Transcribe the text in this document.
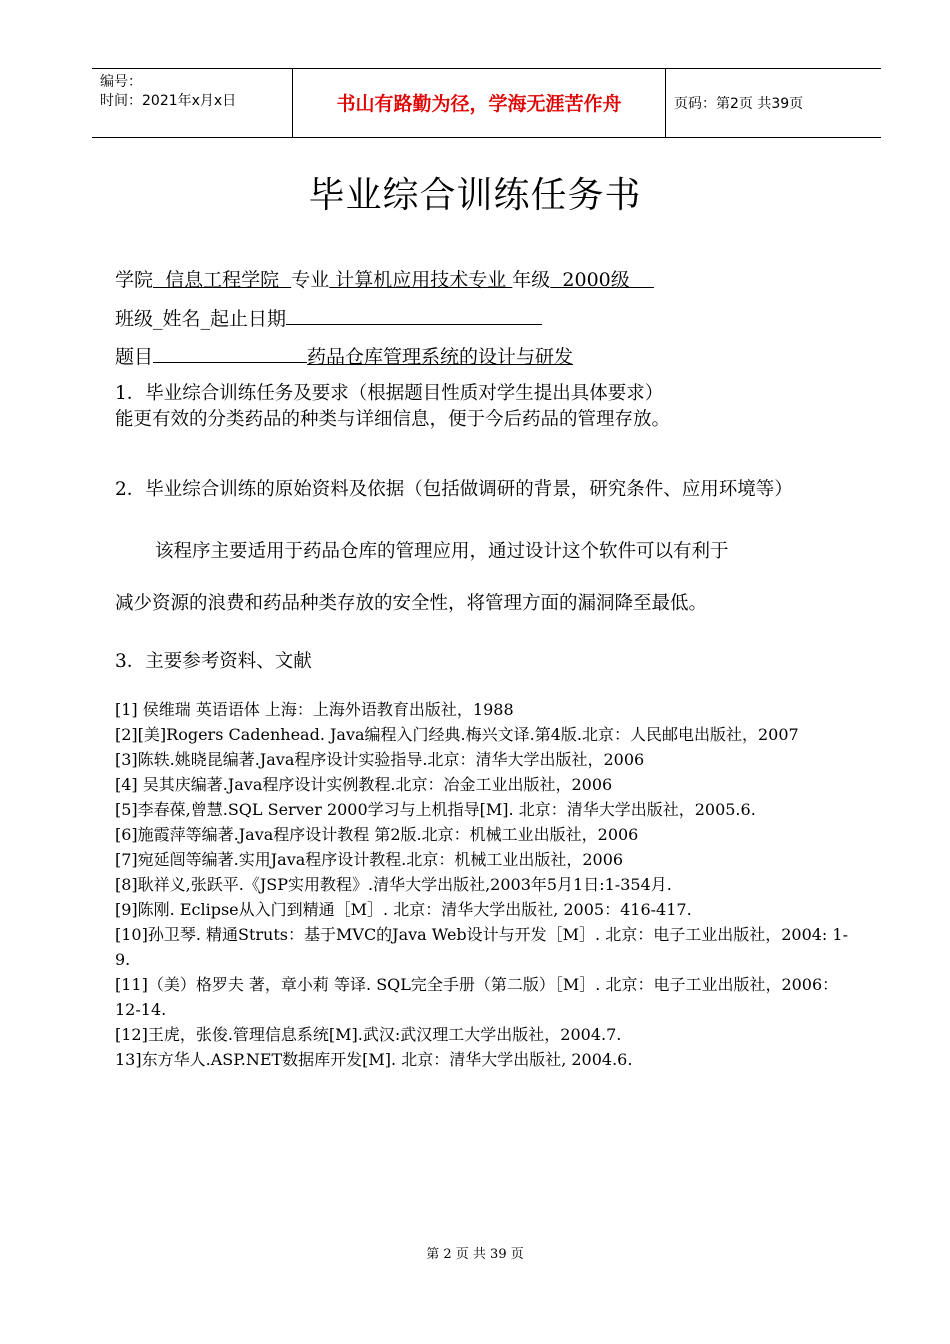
编号：
时间：2021年x月x日	书山有路勤为径，学海无涯苦作舟	页码：第2页 共39页
毕业综合训练任务书
学院  信息工程学院  专业 计算机应用技术专业 年级  2000级
班级_姓名_起止日期
题目	药品仓库管理系统的设计与研发
1．毕业综合训练任务及要求（根据题目性质对学生提出具体要求）
能更有效的分类药品的种类与详细信息，便于今后药品的管理存放。
2．毕业综合训练的原始资料及依据（包括做调研的背景，研究条件、应用环境等）
该程序主要适用于药品仓库的管理应用，通过设计这个软件可以有利于
减少资源的浪费和药品种类存放的安全性，将管理方面的漏洞降至最低。
3．主要参考资料、文献
[1] 侯维瑞 英语语体 上海：上海外语教育出版社，1988
[2][美]Rogers Cadenhead. Java编程入门经典.梅兴文译.第4版.北京：人民邮电出版社，2007
[3]陈轶.姚晓昆编著.Java程序设计实验指导.北京：清华大学出版社，2006
[4] 吴其庆编著.Java程序设计实例教程.北京：冶金工业出版社，2006
[5]李春葆,曾慧.SQL Server 2000学习与上机指导[M]. 北京：清华大学出版社，2005.6.
[6]施霞萍等编著.Java程序设计教程 第2版.北京：机械工业出版社，2006
[7]宛延闿等编著.实用Java程序设计教程.北京：机械工业出版社，2006
[8]耿祥义,张跃平.《JSP实用教程》.清华大学出版社,2003年5月1日:1-354月.
[9]陈刚. Eclipse从入门到精通［M］. 北京：清华大学出版社, 2005：416-417.
[10]孙卫琴. 精通Struts：基于MVC的Java Web设计与开发［M］. 北京：电子工业出版社，2004: 1-9.
[11]（美）格罗夫 著，章小莉 等译. SQL完全手册（第二版）［M］. 北京：电子工业出版社，2006：12-14.
[12]王虎，张俊.管理信息系统[M].武汉:武汉理工大学出版社，2004.7.
13]东方华人.ASP.NET数据库开发[M]. 北京：清华大学出版社, 2004.6.
第 2 页 共 39 页
